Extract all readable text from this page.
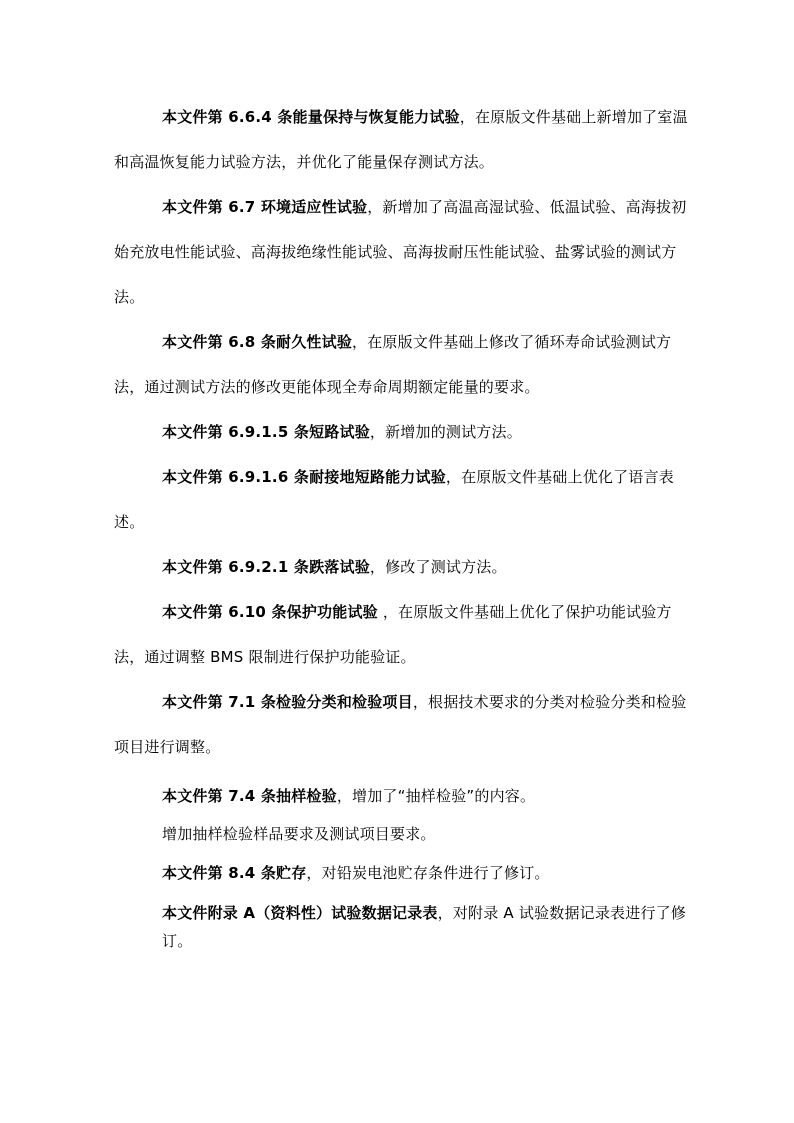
本文件第 6.6.4 条能量保持与恢复能力试验，在原版文件基础上新增加了室温和高温恢复能力试验方法，并优化了能量保存测试方法。

本文件第 6.7 环境适应性试验，新增加了高温高湿试验、低温试验、高海拔初始充放电性能试验、高海拔绝缘性能试验、高海拔耐压性能试验、盐雾试验的测试方法。

本文件第 6.8 条耐久性试验，在原版文件基础上修改了循环寿命试验测试方法，通过测试方法的修改更能体现全寿命周期额定能量的要求。

本文件第 6.9.1.5 条短路试验，新增加的测试方法。

本文件第 6.9.1.6 条耐接地短路能力试验，在原版文件基础上优化了语言表述。

本文件第 6.9.2.1 条跌落试验，修改了测试方法。

本文件第 6.10 条保护功能试验 ，在原版文件基础上优化了保护功能试验方法，通过调整 BMS 限制进行保护功能验证。

本文件第 7.1 条检验分类和检验项目，根据技术要求的分类对检验分类和检验项目进行调整。

本文件第 7.4 条抽样检验，增加了“抽样检验”的内容。

增加抽样检验样品要求及测试项目要求。

本文件第 8.4 条贮存，对铅炭电池贮存条件进行了修订。

本文件附录 A（资料性）试验数据记录表，对附录 A 试验数据记录表进行了修订。
